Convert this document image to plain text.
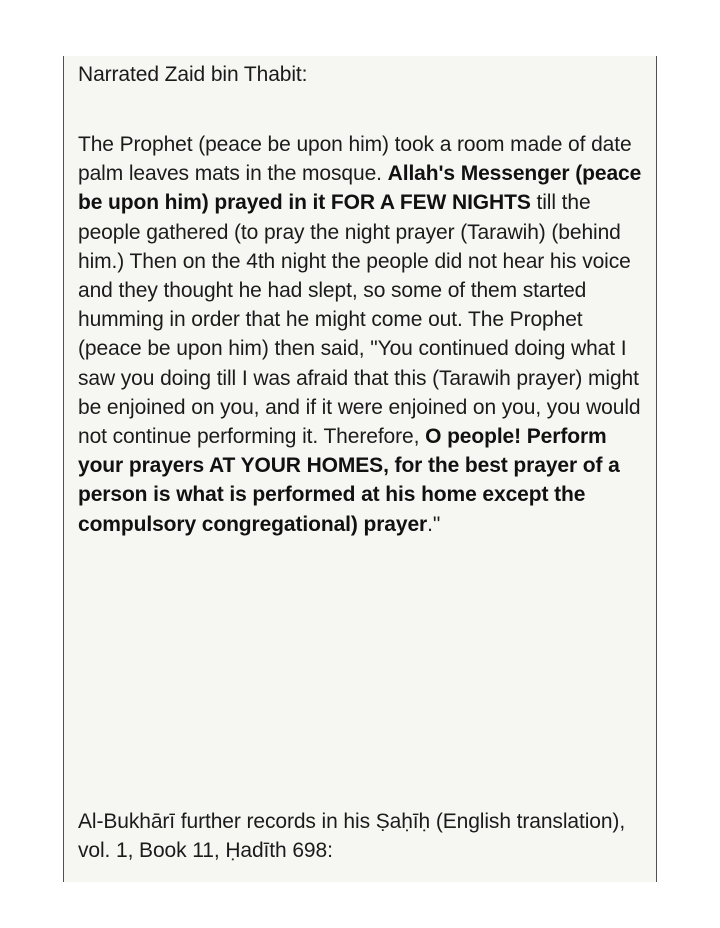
Narrated Zaid bin Thabit:
The Prophet (peace be upon him) took a room made of date palm leaves mats in the mosque. Allah's Messenger (peace be upon him) prayed in it FOR A FEW NIGHTS till the people gathered (to pray the night prayer (Tarawih) (behind him.) Then on the 4th night the people did not hear his voice and they thought he had slept, so some of them started humming in order that he might come out. The Prophet (peace be upon him) then said, "You continued doing what I saw you doing till I was afraid that this (Tarawih prayer) might be enjoined on you, and if it were enjoined on you, you would not continue performing it. Therefore, O people! Perform your prayers AT YOUR HOMES, for the best prayer of a person is what is performed at his home except the compulsory congregational) prayer."
Al-Bukhārī further records in his Ṣaḥīḥ (English translation), vol. 1, Book 11, Ḥadīth 698:
